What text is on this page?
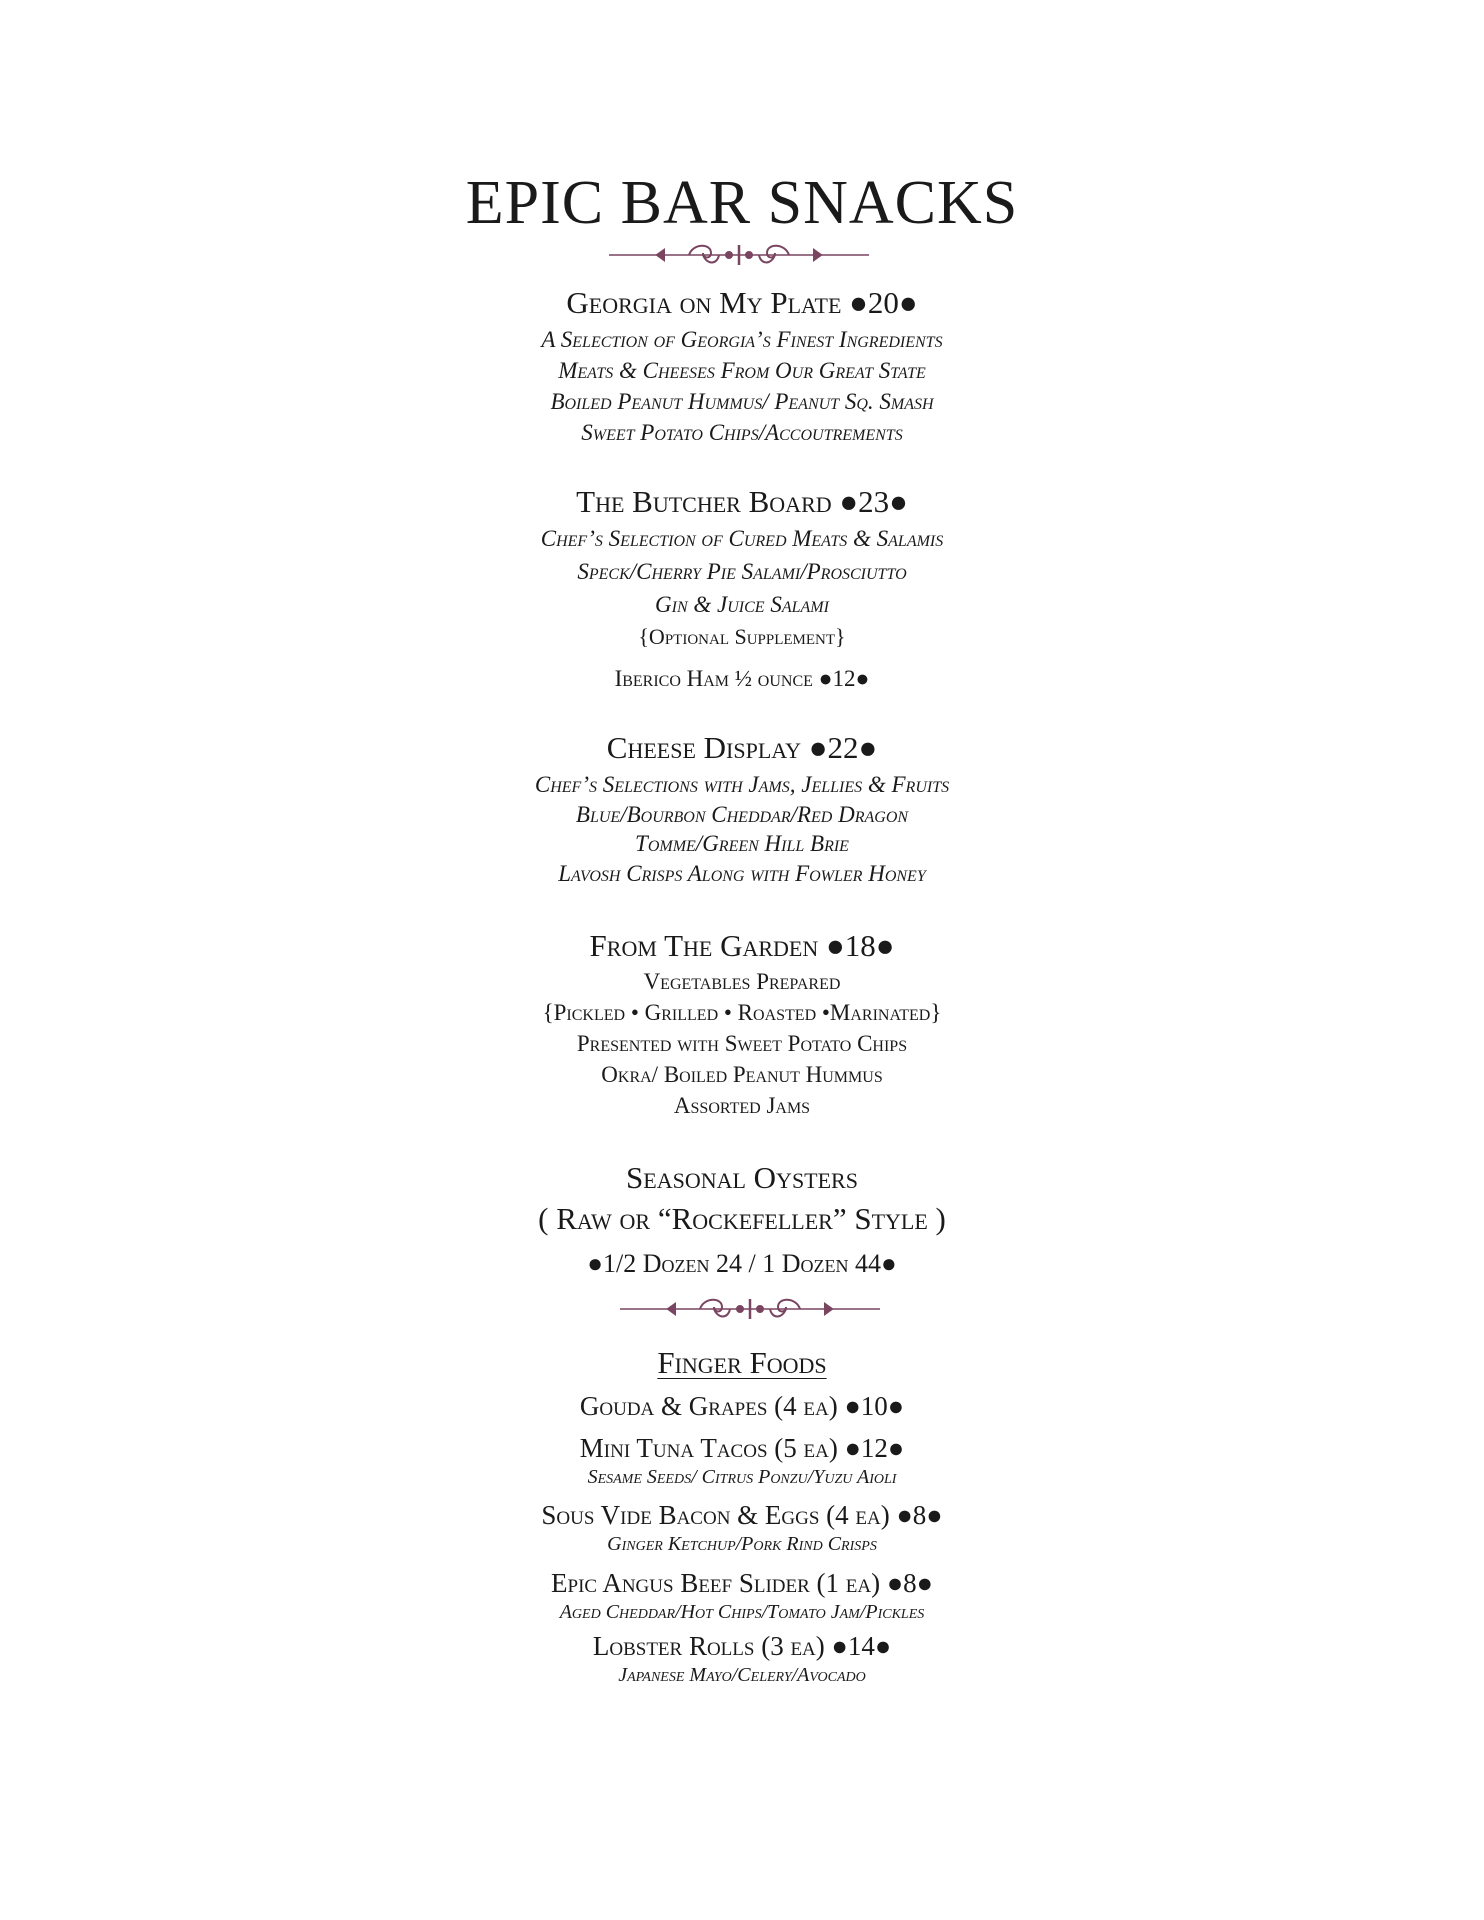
EPIC BAR SNACKS
Georgia on My Plate ●20●
A Selection of Georgia’s Finest Ingredients
Meats & Cheeses From Our Great State
Boiled Peanut Hummus/ Peanut Sq. Smash
Sweet Potato Chips/Accoutrements
The Butcher Board ●23●
Chef’s Selection of Cured Meats & Salamis
Speck/Cherry Pie Salami/Prosciutto
Gin & Juice Salami
{Optional Supplement}
Iberico Ham ½ ounce ●12●
Cheese Display ●22●
Chef’s Selections with Jams, Jellies & Fruits
Blue/Bourbon Cheddar/Red Dragon
Tomme/Green Hill Brie
Lavosh Crisps Along with Fowler Honey
From The Garden ●18●
Vegetables Prepared
{Pickled • Grilled • Roasted •Marinated}
Presented with Sweet Potato Chips
Okra/ Boiled Peanut Hummus
Assorted Jams
Seasonal Oysters
( Raw or “Rockefeller” Style )
●1/2 Dozen 24 / 1 Dozen 44●
Finger Foods
Gouda & Grapes (4 ea) ●10●
Mini Tuna Tacos (5 ea) ●12●
Sesame Seeds/ Citrus Ponzu/Yuzu Aioli
Sous Vide Bacon & Eggs (4 ea) ●8●
Ginger Ketchup/Pork Rind Crisps
Epic Angus Beef Slider (1 ea) ●8●
Aged Cheddar/Hot Chips/Tomato Jam/Pickles
Lobster Rolls (3 ea) ●14●
Japanese Mayo/Celery/Avocado
